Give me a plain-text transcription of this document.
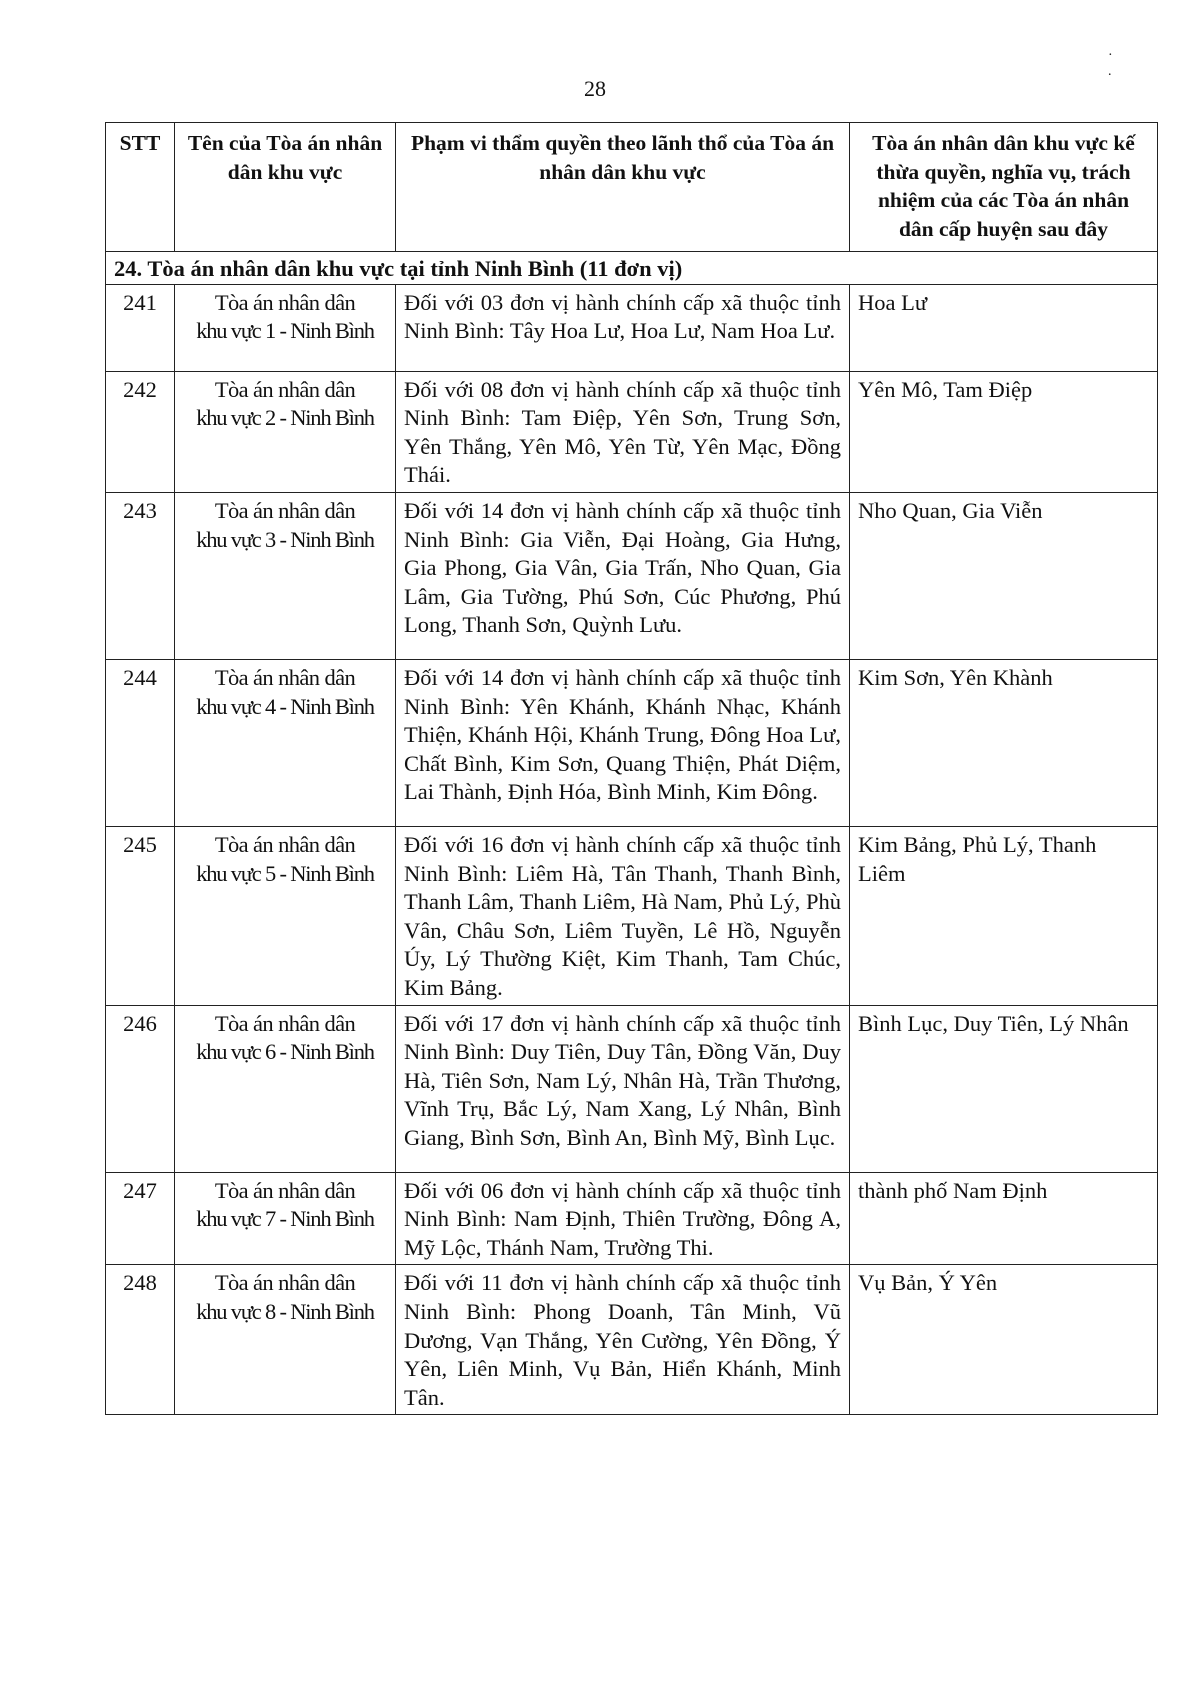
· .
28
STT	Tên của Tòa án nhân dân khu vực	Phạm vi thẩm quyền theo lãnh thổ của Tòa án nhân dân khu vực	Tòa án nhân dân khu vực kế thừa quyền, nghĩa vụ, trách nhiệm của các Tòa án nhân dân cấp huyện sau đây
24. Tòa án nhân dân khu vực tại tỉnh Ninh Bình (11 đơn vị)			
241	Tòa án nhân dân
khu vực 1 - Ninh Bình	Đối với 03 đơn vị hành chính cấp xã thuộc tỉnh Ninh Bình: Tây Hoa Lư, Hoa Lư, Nam Hoa Lư.	Hoa Lư
242	Tòa án nhân dân
khu vực 2 - Ninh Bình	Đối với 08 đơn vị hành chính cấp xã thuộc tỉnh Ninh Bình: Tam Điệp, Yên Sơn, Trung Sơn, Yên Thắng, Yên Mô, Yên Từ, Yên Mạc, Đồng Thái.	Yên Mô, Tam Điệp
243	Tòa án nhân dân
khu vực 3 - Ninh Bình	Đối với 14 đơn vị hành chính cấp xã thuộc tỉnh Ninh Bình: Gia Viễn, Đại Hoàng, Gia Hưng, Gia Phong, Gia Vân, Gia Trấn, Nho Quan, Gia Lâm, Gia Tường, Phú Sơn, Cúc Phương, Phú Long, Thanh Sơn, Quỳnh Lưu.	Nho Quan, Gia Viễn
244	Tòa án nhân dân
khu vực 4 - Ninh Bình	Đối với 14 đơn vị hành chính cấp xã thuộc tỉnh Ninh Bình: Yên Khánh, Khánh Nhạc, Khánh Thiện, Khánh Hội, Khánh Trung, Đông Hoa Lư, Chất Bình, Kim Sơn, Quang Thiện, Phát Diệm, Lai Thành, Định Hóa, Bình Minh, Kim Đông.	Kim Sơn, Yên Khành
245	Tòa án nhân dân
khu vực 5 - Ninh Bình	Đối với 16 đơn vị hành chính cấp xã thuộc tỉnh Ninh Bình: Liêm Hà, Tân Thanh, Thanh Bình, Thanh Lâm, Thanh Liêm, Hà Nam, Phủ Lý, Phù Vân, Châu Sơn, Liêm Tuyền, Lê Hồ, Nguyễn Úy, Lý Thường Kiệt, Kim Thanh, Tam Chúc, Kim Bảng.	Kim Bảng, Phủ Lý, Thanh Liêm
246	Tòa án nhân dân
khu vực 6 - Ninh Bình	Đối với 17 đơn vị hành chính cấp xã thuộc tỉnh Ninh Bình: Duy Tiên, Duy Tân, Đồng Văn, Duy Hà, Tiên Sơn, Nam Lý, Nhân Hà, Trần Thương, Vĩnh Trụ, Bắc Lý, Nam Xang, Lý Nhân, Bình Giang, Bình Sơn, Bình An, Bình Mỹ, Bình Lục.	Bình Lục, Duy Tiên, Lý Nhân
247	Tòa án nhân dân
khu vực 7 - Ninh Bình	Đối với 06 đơn vị hành chính cấp xã thuộc tỉnh Ninh Bình: Nam Định, Thiên Trường, Đông A, Mỹ Lộc, Thánh Nam, Trường Thi.	thành phố Nam Định
248	Tòa án nhân dân
khu vực 8 - Ninh Bình	Đối với 11 đơn vị hành chính cấp xã thuộc tỉnh Ninh Bình: Phong Doanh, Tân Minh, Vũ Dương, Vạn Thắng, Yên Cường, Yên Đồng, Ý Yên, Liên Minh, Vụ Bản, Hiển Khánh, Minh Tân.	Vụ Bản, Ý Yên
